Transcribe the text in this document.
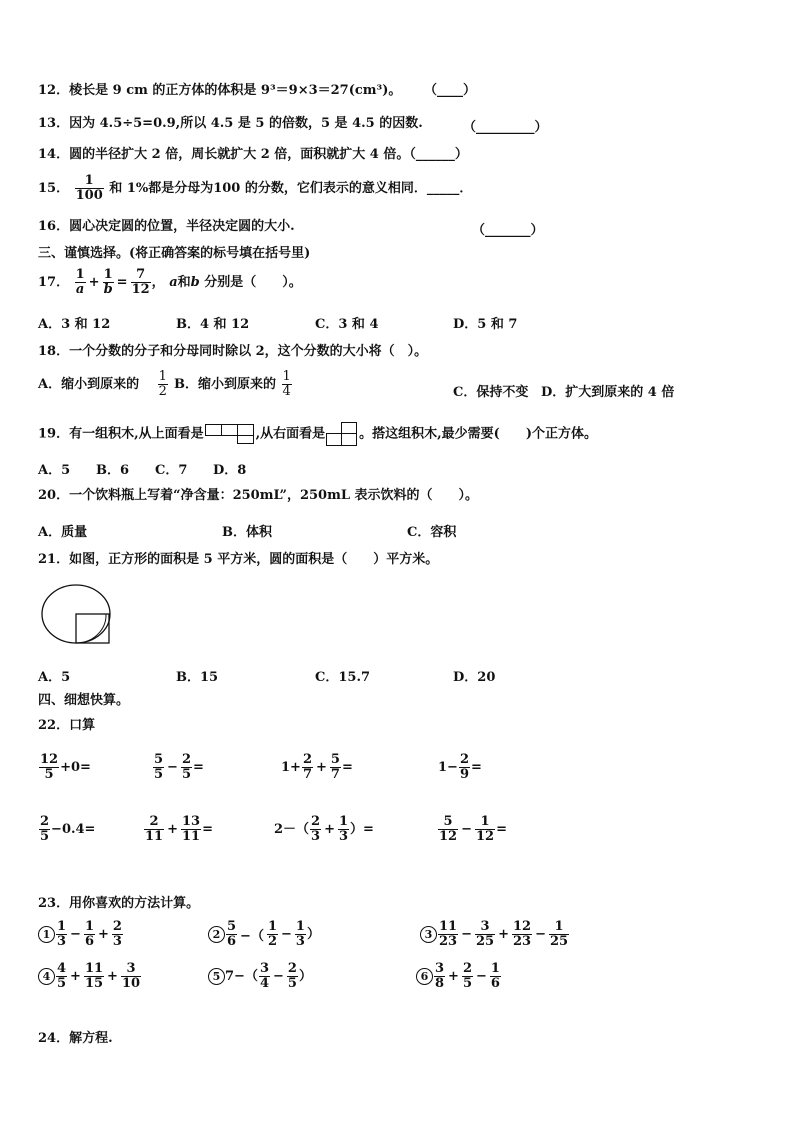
12．棱长是 9 cm 的正方体的体积是 9³＝9×3＝27(cm³)。 （____）
13．因为 4.5÷5=0.9,所以 4.5 是 5 的倍数，5 是 4.5 的因数.	（_________）
14．圆的半径扩大 2 倍，周长就扩大 2 倍，面积就扩大 4 倍。（______）
15． $\frac{1}{100}$ 和 1%都是分母为100 的分数，它们表示的意义相同．_____．
16．圆心决定圆的位置，半径决定圆的大小.	（_______）
三、谨慎选择。(将正确答案的标号填在括号里)
17． $\frac{1}{a} + \frac{1}{b} = \frac{7}{12}$ ， a和b 分别是（　　）。
A．3 和 12	B．4 和 12	C．3 和 4	D．5 和 7
18．一个分数的分子和分母同时除以 2，这个分数的大小将（　）。
A．缩小到原来的 $\frac{1}{2}$ B．缩小到原来的 $\frac{1}{4}$	C．保持不变 D．扩大到原来的 4 倍
19．有一组积木,从上面看是	,从右面看是	。搭这组积木,最少需要(　　)个正方体。
A．5 B．6 C．7 D．8
20．一个饮料瓶上写着“净含量：250mL”，250mL 表示饮料的（　　）。
A．质量	B．体积	C．容积
21．如图，正方形的面积是 5 平方米，圆的面积是（　　）平方米。
A．5	B．15	C．15.7	D．20
四、细想快算。
22．口算
$\frac{12}{5} +0=$	$\frac{5}{5} - \frac{2}{5}$ =	$1+ \frac{2}{7} + \frac{5}{7}$ =	$1- \frac{2}{9}$ =
$\frac{2}{5} -0.4=$	$\frac{2}{11} + \frac{13}{11}$ =	$2-( \frac{2}{3} + \frac{1}{3}$ ）=	$\frac{5}{12} - \frac{1}{12}$ =
23．用你喜欢的方法计算。
$1 \frac{1}{3} - \frac{1}{6} + \frac{2}{3}$	$2 \frac{5}{6}$ −（ $\frac{1}{2} - \frac{1}{3}$ ）	$3 \frac{11}{23} - \frac{3}{25} + \frac{12}{23} - \frac{1}{25}$
$4 \frac{4}{5} + \frac{11}{15} + \frac{3}{10}$	5 $7-( \frac{3}{4} - \frac{2}{5}$ ）	$6 \frac{3}{8} + \frac{2}{5} - \frac{1}{6}$
24．解方程.
